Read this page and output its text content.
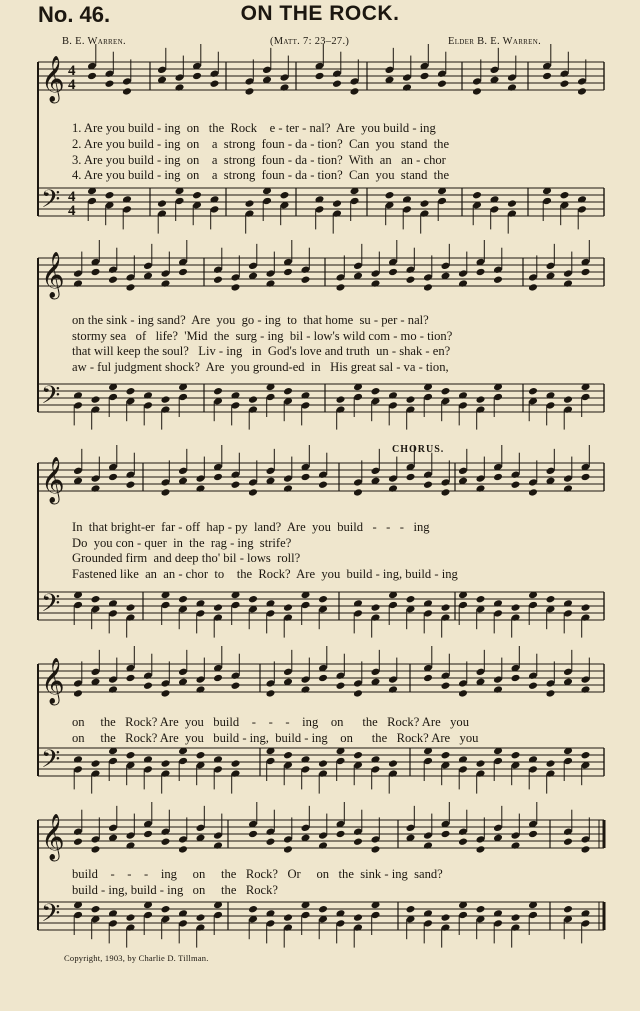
No. 46.	ON THE ROCK.
B. E. Warren.	(Matt. 7: 23–27.)	Elder B. E. Warren.
𝄞
𝄢
4
4
4
4
𝄞
𝄢
𝄞
𝄢
𝄞
𝄢
𝄞
𝄢
CHORUS.
1. Are you build - ing  on   the  Rock    e - ter - nal?  Are  you build - ing
2. Are you build - ing  on    a  strong  foun - da - tion?  Can  you  stand  the
3. Are you build - ing  on    a  strong  foun - da - tion?  With  an   an - chor
4. Are you build - ing  on    a  strong  foun - da - tion?  Can  you  stand  the
on the sink - ing sand?  Are  you  go - ing  to  that home  su - per - nal?
stormy sea   of   life?  'Mid  the  surg - ing  bil - low's wild com - mo - tion?
that will keep the soul?   Liv - ing   in  God's love and truth  un - shak - en?
aw - ful judgment shock?  Are  you ground-ed  in   His great sal - va - tion,
In  that bright-er  far - off  hap - py  land?  Are  you  build   -   -   -   ing
Do  you con - quer  in  the  rag - ing  strife?
Grounded firm  and deep tho' bil - lows  roll?
Fastened like  an  an - chor  to    the  Rock?  Are  you  build - ing, build - ing
on     the   Rock? Are  you   build    -    -    -    ing    on      the   Rock? Are   you
on     the   Rock? Are  you   build - ing,  build - ing    on      the   Rock? Are   you
build    -    -    -    ing     on     the   Rock?   Or     on   the  sink - ing  sand?
build - ing, build - ing   on     the   Rock?
Copyright, 1903, by Charlie D. Tillman.
